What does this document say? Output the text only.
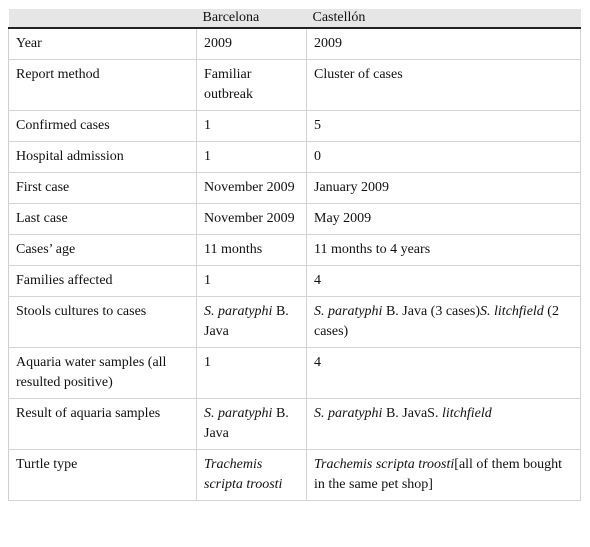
	Barcelona	Castellón
Year	2009	2009
Report method	Familiar outbreak	Cluster of cases
Confirmed cases	1	5
Hospital admission	1	0
First case	November 2009	January 2009
Last case	November 2009	May 2009
Cases’ age	11 months	11 months to 4 years
Families affected	1	4
Stools cultures to cases	S. paratyphi B. Java	S. paratyphi B. Java (3 cases)S. litchfield (2 cases)
Aquaria water samples (all resulted positive)	1	4
Result of aquaria samples	S. paratyphi B. Java	S. paratyphi B. JavaS. litchfield
Turtle type	Trachemis scripta troosti	Trachemis scripta troosti[all of them bought in the same pet shop]
